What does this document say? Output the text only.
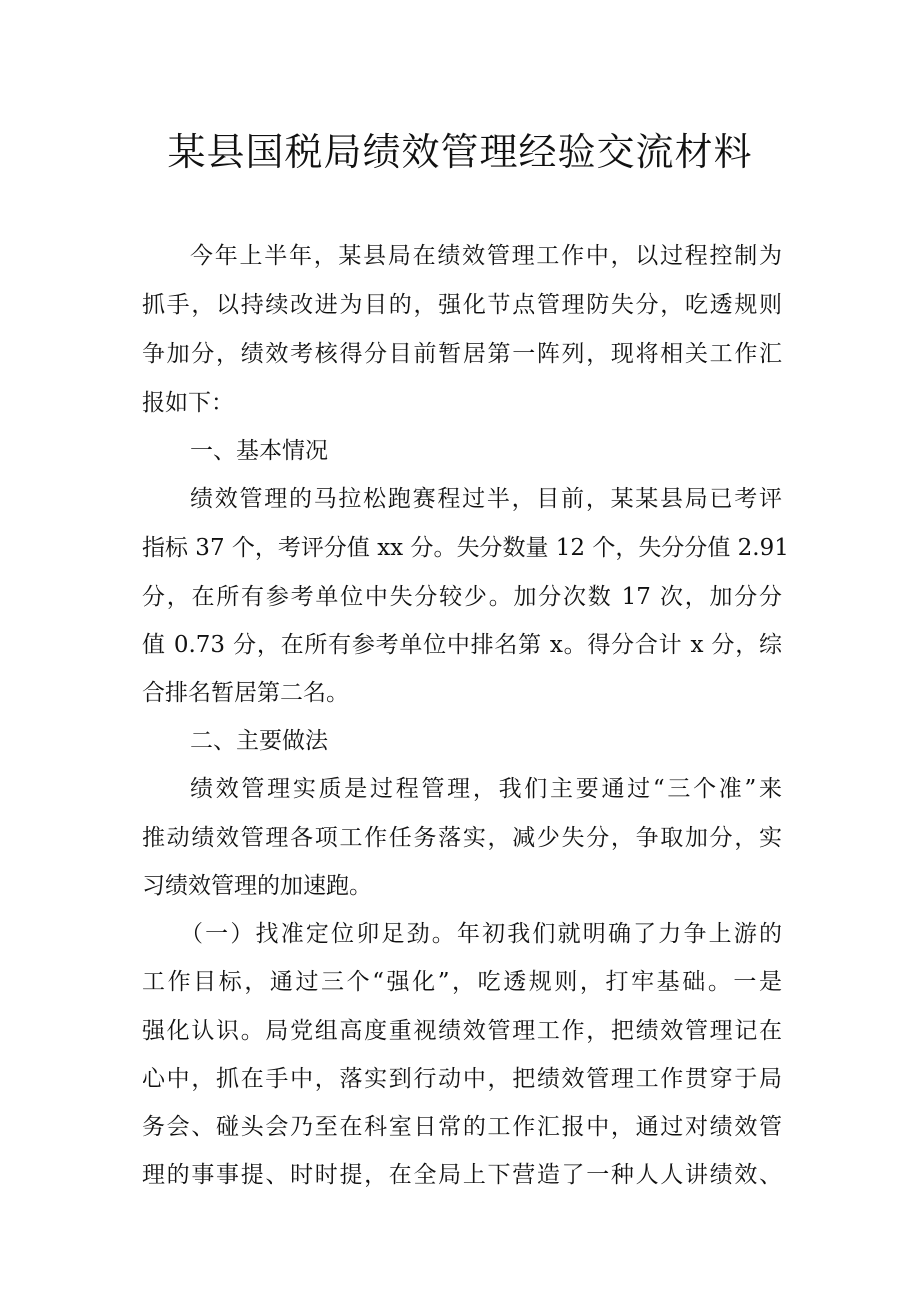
某县国税局绩效管理经验交流材料

今年上半年，某县局在绩效管理工作中，以过程控制为

抓手，以持续改进为目的，强化节点管理防失分，吃透规则

争加分，绩效考核得分目前暂居第一阵列，现将相关工作汇

报如下：

一、基本情况

绩效管理的马拉松跑赛程过半，目前，某某县局已考评

指标 37 个，考评分值 xx 分。失分数量 12 个，失分分值 2.91

分，在所有参考单位中失分较少。加分次数 17 次，加分分

值 0.73 分，在所有参考单位中排名第 x。得分合计 x 分，综

合排名暂居第二名。

二、主要做法

绩效管理实质是过程管理，我们主要通过“三个准”来

推动绩效管理各项工作任务落实，减少失分，争取加分，实

习绩效管理的加速跑。

（一）找准定位卯足劲。年初我们就明确了力争上游的

工作目标，通过三个“强化”，吃透规则，打牢基础。一是

强化认识。局党组高度重视绩效管理工作，把绩效管理记在

心中，抓在手中，落实到行动中，把绩效管理工作贯穿于局

务会、碰头会乃至在科室日常的工作汇报中，通过对绩效管

理的事事提、时时提，在全局上下营造了一种人人讲绩效、
